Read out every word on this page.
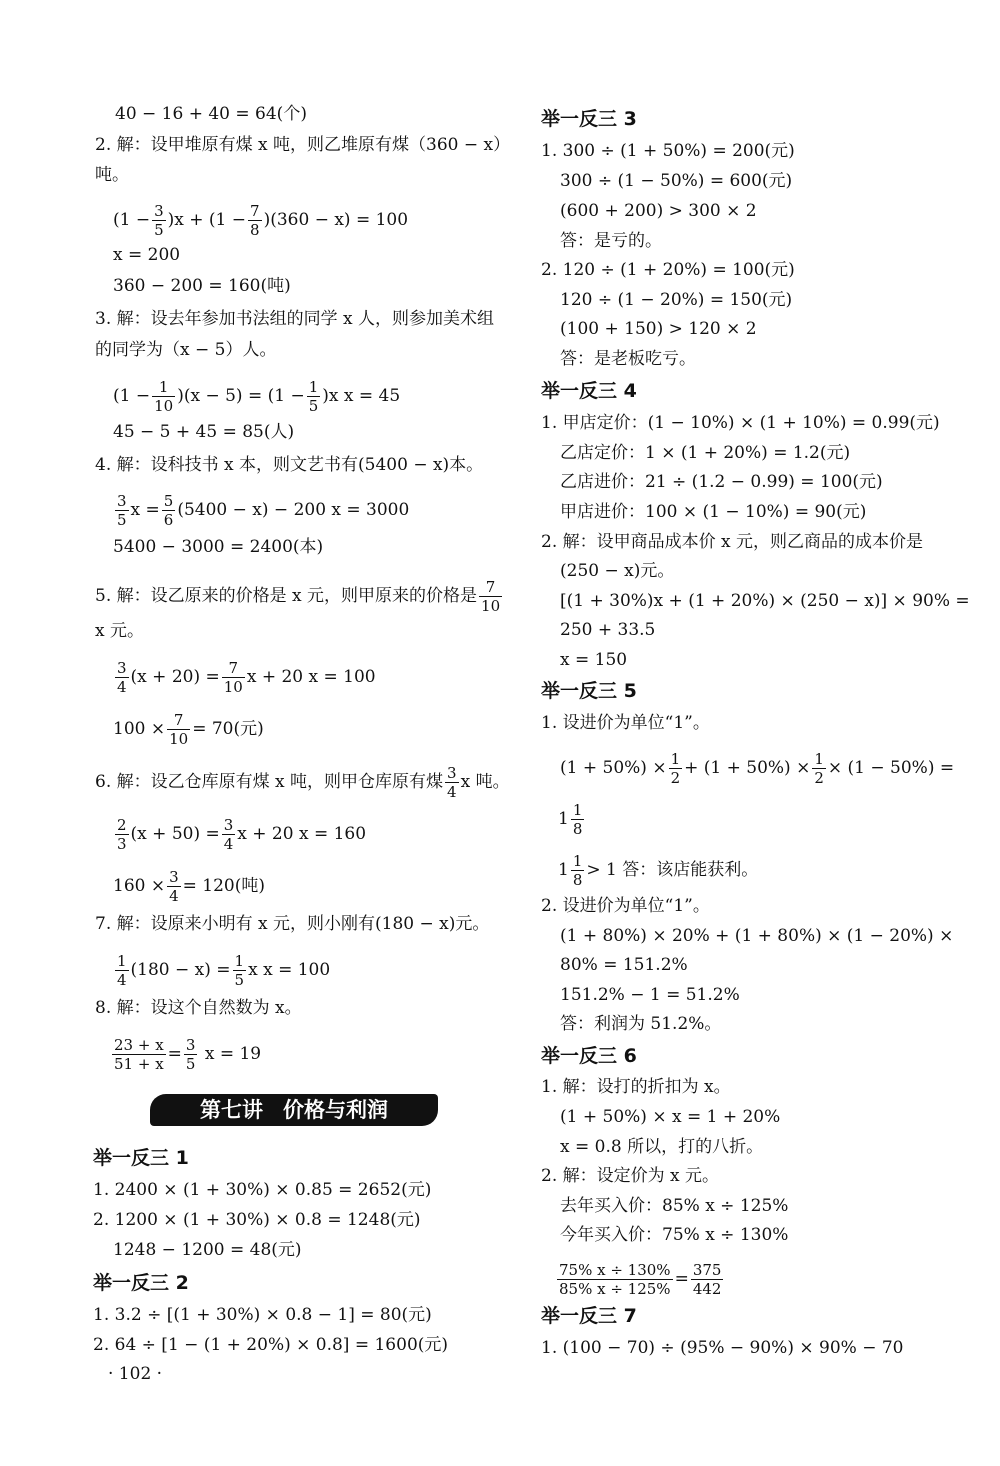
40 − 16 + 40 = 64(个)
2. 解：设甲堆原有煤 x 吨，则乙堆原有煤（360 − x）
吨。
$(1 - \frac{3}{5} )x + (1 - \frac{7}{8} )(360 - x) = 100$
x = 200
360 − 200 = 160(吨)
3. 解：设去年参加书法组的同学 x 人，则参加美术组
的同学为（x − 5）人。
$(1 - \frac{1}{10} )(x - 5) = (1 - \frac{1}{5} )x$ x = 45
45 − 5 + 45 = 85(人)
4. 解：设科技书 x 本，则文艺书有(5400 − x)本。
$\frac{3}{5}$ $x = \frac{5}{6} (5400 - x) - 200$ x = 3000
5400 − 3000 = 2400(本)
5. 解：设乙原来的价格是 x 元，则甲原来的价格是 $\frac{7}{10}$
x 元。
$\frac{3}{4} (x + 20) = \frac{7}{10}$ x + 20 x = 100
$100 \times \frac{7}{10} = 70$(元)
6. 解：设乙仓库原有煤 x 吨，则甲仓库原有煤 $\frac{3}{4}$ x 吨。
$\frac{2}{3} (x + 50) = \frac{3}{4}$ x + 20 x = 160
$160 \times \frac{3}{4} = 120$(吨)
7. 解：设原来小明有 x 元，则小刚有(180 − x)元。
$\frac{1}{4} (180 - x) = \frac{1}{5}$ x x = 100
8. 解：设这个自然数为 x。
$\frac{23 + x}{51 + x} = \frac{3}{5}$ x = 19
第七讲 价格与利润
举一反三 1
1. 2400 × (1 + 30%) × 0.85 = 2652(元)
2. 1200 × (1 + 30%) × 0.8 = 1248(元)
1248 − 1200 = 48(元)
举一反三 2
1. 3.2 ÷ [(1 + 30%) × 0.8 − 1] = 80(元)
2. 64 ÷ [1 − (1 + 20%) × 0.8] = 1600(元)
· 102 ·
举一反三 3
1. 300 ÷ (1 + 50%) = 200(元)
300 ÷ (1 − 50%) = 600(元)
(600 + 200) > 300 × 2
答：是亏的。
2. 120 ÷ (1 + 20%) = 100(元)
120 ÷ (1 − 20%) = 150(元)
(100 + 150) > 120 × 2
答：是老板吃亏。
举一反三 4
1. 甲店定价：(1 − 10%) × (1 + 10%) = 0.99(元)
乙店定价：1 × (1 + 20%) = 1.2(元)
乙店进价：21 ÷ (1.2 − 0.99) = 100(元)
甲店进价：100 × (1 − 10%) = 90(元)
2. 解：设甲商品成本价 x 元，则乙商品的成本价是
(250 − x)元。
[(1 + 30%)x + (1 + 20%) × (250 − x)] × 90% =
250 + 33.5
x = 150
举一反三 5
1. 设进价为单位“1”。
$(1 + 50\%) \times \frac{1}{2} + (1 + 50\%) \times \frac{1}{2} \times (1 - 50\%)$ =
$1 \frac{1}{8}$
$1 \frac{1}{8} > 1$ 答：该店能获利。
2. 设进价为单位“1”。
(1 + 80%) × 20% + (1 + 80%) × (1 − 20%) ×
80% = 151.2%
151.2% − 1 = 51.2%
答：利润为 51.2%。
举一反三 6
1. 解：设打的折扣为 x。
(1 + 50%) × x = 1 + 20%
x = 0.8 所以，打的八折。
2. 解：设定价为 x 元。
去年买入价：85% x ÷ 125%
今年买入价：75% x ÷ 130%
$\frac{75\% x \div 130\%}{85\% x \div 125\%} = \frac{375}{442}$
举一反三 7
1. (100 − 70) ÷ (95% − 90%) × 90% − 70
